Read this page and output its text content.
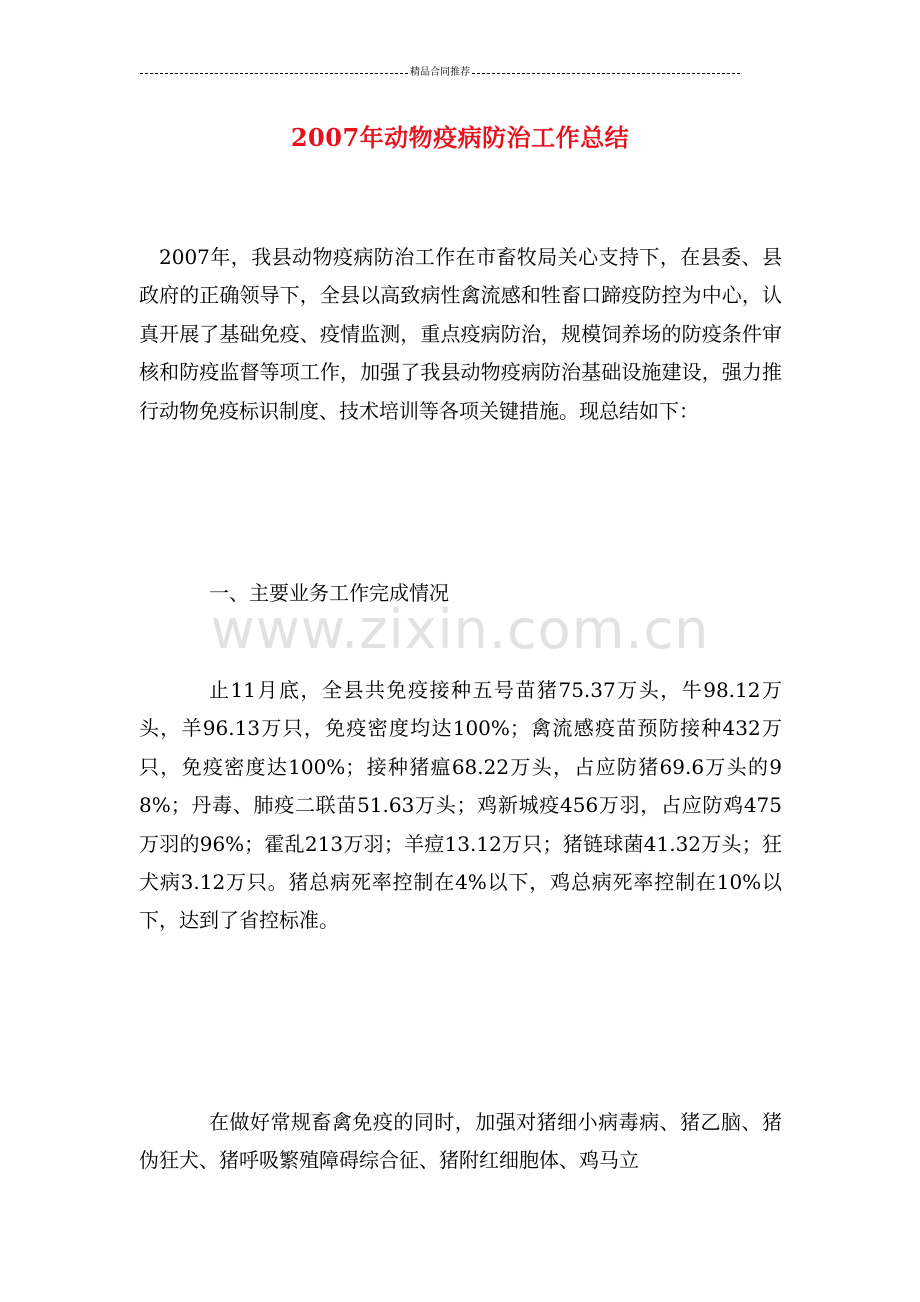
精品合同推荐
2007年动物疫病防治工作总结
www.zixin.com.cn

2007年，我县动物疫病防治工作在市畜牧局关心支持下，在县委、县政府的正确领导下，全县以高致病性禽流感和牲畜口蹄疫防控为中心，认真开展了基础免疫、疫情监测，重点疫病防治，规模饲养场的防疫条件审核和防疫监督等项工作，加强了我县动物疫病防治基础设施建设，强力推行动物免疫标识制度、技术培训等各项关键措施。现总结如下：

一、主要业务工作完成情况

止11月底，全县共免疫接种五号苗猪75.37万头，牛98.12万头，羊96.13万只，免疫密度均达100%；禽流感疫苗预防接种432万只，免疫密度达100%；接种猪瘟68.22万头，占应防猪69.6万头的98%；丹毒、肺疫二联苗51.63万头；鸡新城疫456万羽，占应防鸡475万羽的96%；霍乱213万羽；羊痘13.12万只；猪链球菌41.32万头；狂犬病3.12万只。猪总病死率控制在4%以下，鸡总病死率控制在10%以下，达到了省控标准。

在做好常规畜禽免疫的同时，加强对猪细小病毒病、猪乙脑、猪伪狂犬、猪呼吸繁殖障碍综合征、猪附红细胞体、鸡马立
